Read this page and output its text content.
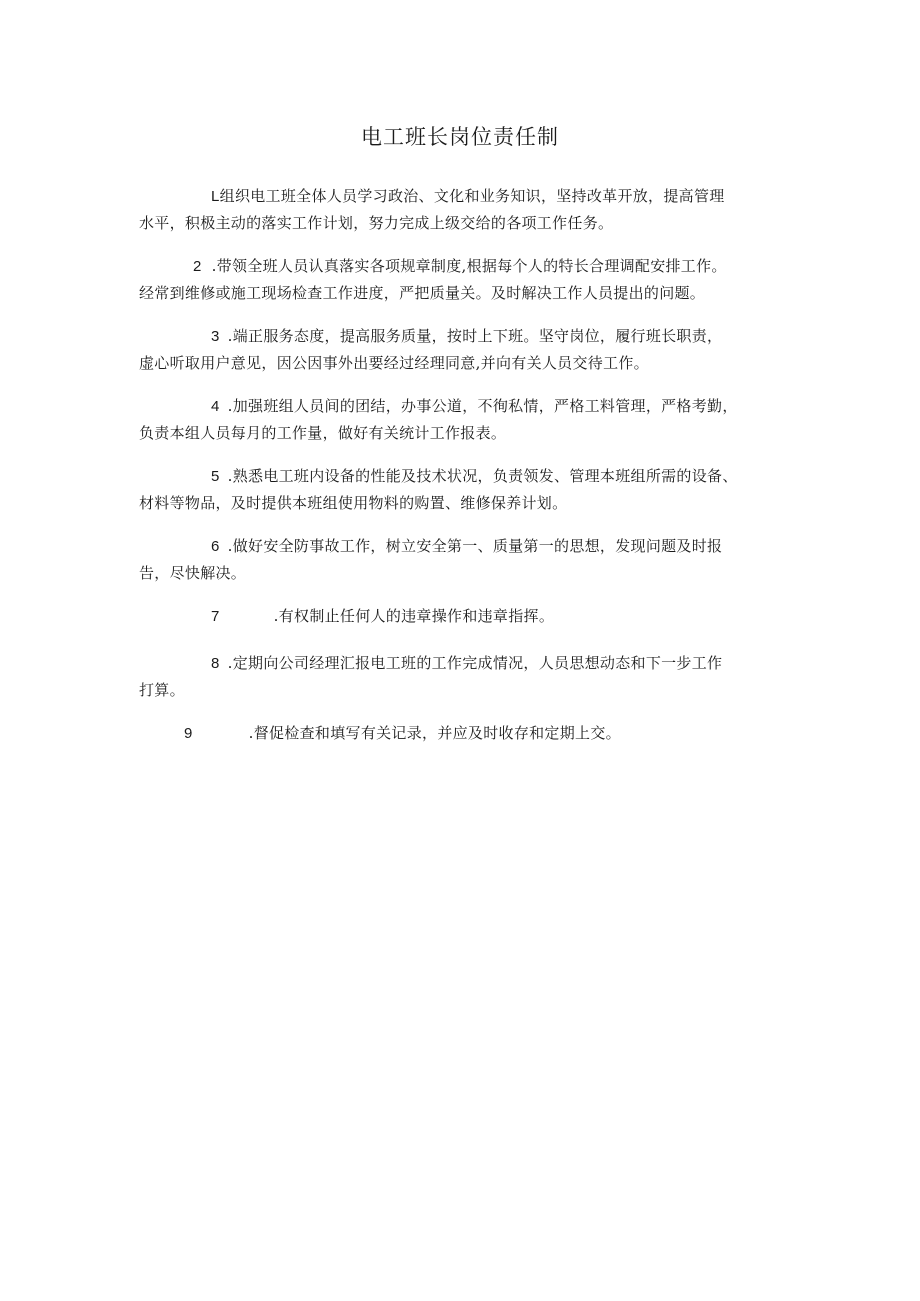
电工班长岗位责任制
L组织电工班全体人员学习政治、文化和业务知识，坚持改革开放，提高管理
水平，积极主动的落实工作计划，努力完成上级交给的各项工作任务。
2 .带领全班人员认真落实各项规章制度,根据每个人的特长合理调配安排工作。
经常到维修或施工现场检查工作进度，严把质量关。及时解决工作人员提出的问题。
3 .端正服务态度，提高服务质量，按时上下班。坚守岗位，履行班长职责，
虚心听取用户意见，因公因事外出要经过经理同意,并向有关人员交待工作。
4 .加强班组人员间的团结，办事公道，不徇私情，严格工料管理，严格考勤，
负责本组人员每月的工作量，做好有关统计工作报表。
5 .熟悉电工班内设备的性能及技术状况，负责领发、管理本班组所需的设备、
材料等物品，及时提供本班组使用物料的购置、维修保养计划。
6 .做好安全防事故工作，树立安全第一、质量第一的思想，发现问题及时报
告，尽快解决。
7	.有权制止任何人的违章操作和违章指挥。
8 .定期向公司经理汇报电工班的工作完成情况，人员思想动态和下一步工作
打算。
9	.督促检查和填写有关记录，并应及时收存和定期上交。
